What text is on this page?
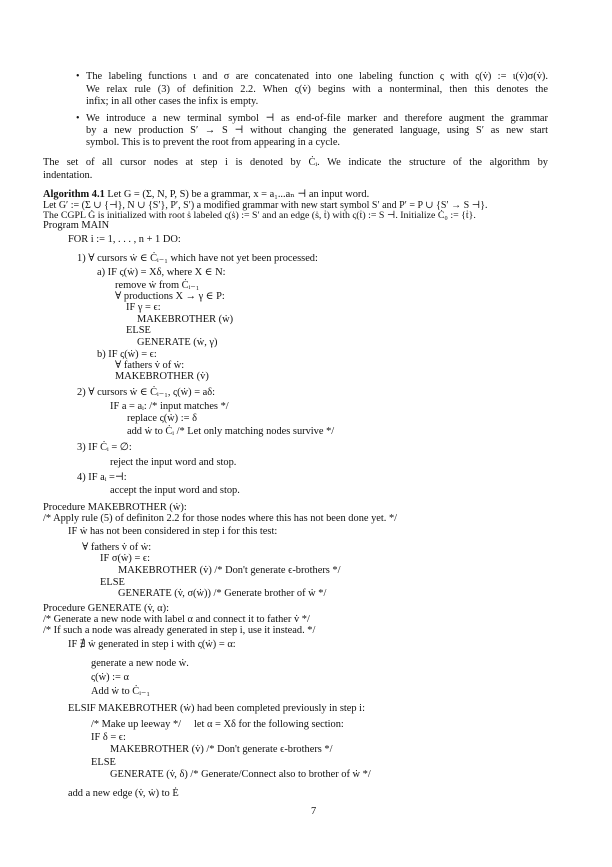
• The labeling functions ι and σ are concatenated into one labeling function ς with ς(v̇) := ι(v̇)σ(v̇).
We relax rule (3) of definition 2.2. When ς(v̇) begins with a nonterminal, then this denotes the
infix; in all other cases the infix is empty.
• We introduce a new terminal symbol ⊣ as end-of-file marker and therefore augment the grammar
by a new production S′ → S ⊣ without changing the generated language, using S′ as new start
symbol. This is to prevent the root from appearing in a cycle.
The set of all cursor nodes at step i is denoted by Ċᵢ. We indicate the structure of the algorithm by
indentation.
Algorithm 4.1 Let G = (Σ, N, P, S) be a grammar, x = a₁...aₙ ⊣ an input word.
Let G′ := (Σ ∪ {⊣}, N ∪ {S′}, P′, S′) a modified grammar with new start symbol S′ and P′ = P ∪ {S′ → S ⊣}.
The CGPL Ġ is initialized with root ṡ labeled ς(ṡ) := S′ and an edge (ṡ, ṫ) with ς(ṫ) := S ⊣. Initialize Ċ₀ := {ṫ}.
Program MAIN
FOR i := 1, . . . , n + 1 DO:
1) ∀ cursors ẇ ∈ Ċᵢ₋₁ which have not yet been processed:
a) IF ς(ẇ) = Xδ, where X ∈ N:
remove ẇ from Ċᵢ₋₁
∀ productions X → γ ∈ P:
IF γ = ϵ:
MAKEBROTHER (ẇ)
ELSE
GENERATE (ẇ, γ)
b) IF ς(ẇ) = ϵ:
∀ fathers v̇ of ẇ:
MAKEBROTHER (v̇)
2) ∀ cursors ẇ ∈ Ċᵢ₋₁, ς(ẇ) = aδ:
IF a = aᵢ: /* input matches */
replace ς(ẇ) := δ
add ẇ to Ċᵢ /* Let only matching nodes survive */
3) IF Ċᵢ = ∅:
reject the input word and stop.
4) IF aᵢ =⊣:
accept the input word and stop.
Procedure MAKEBROTHER (ẇ):
/* Apply rule (5) of definiton 2.2 for those nodes where this has not been done yet. */
IF ẇ has not been considered in step i for this test:
∀ fathers v̇ of ẇ:
IF σ(ẇ) = ϵ:
MAKEBROTHER (v̇) /* Don't generate ϵ-brothers */
ELSE
GENERATE (v̇, σ(ẇ)) /* Generate brother of ẇ */
Procedure GENERATE (v̇, α):
/* Generate a new node with label α and connect it to father v̇ */
/* If such a node was already generated in step i, use it instead. */
IF ∄ ẇ generated in step i with ς(ẇ) = α:
generate a new node ẇ.
ς(ẇ) := α
Add ẇ to Ċᵢ₋₁
ELSIF MAKEBROTHER (ẇ) had been completed previously in step i:
/* Make up leeway */     let α = Xδ for the following section:
IF δ = ϵ:
MAKEBROTHER (v̇) /* Don't generate ϵ-brothers */
ELSE
GENERATE (v̇, δ) /* Generate/Connect also to brother of ẇ */
add a new edge (v̇, ẇ) to Ė
7
